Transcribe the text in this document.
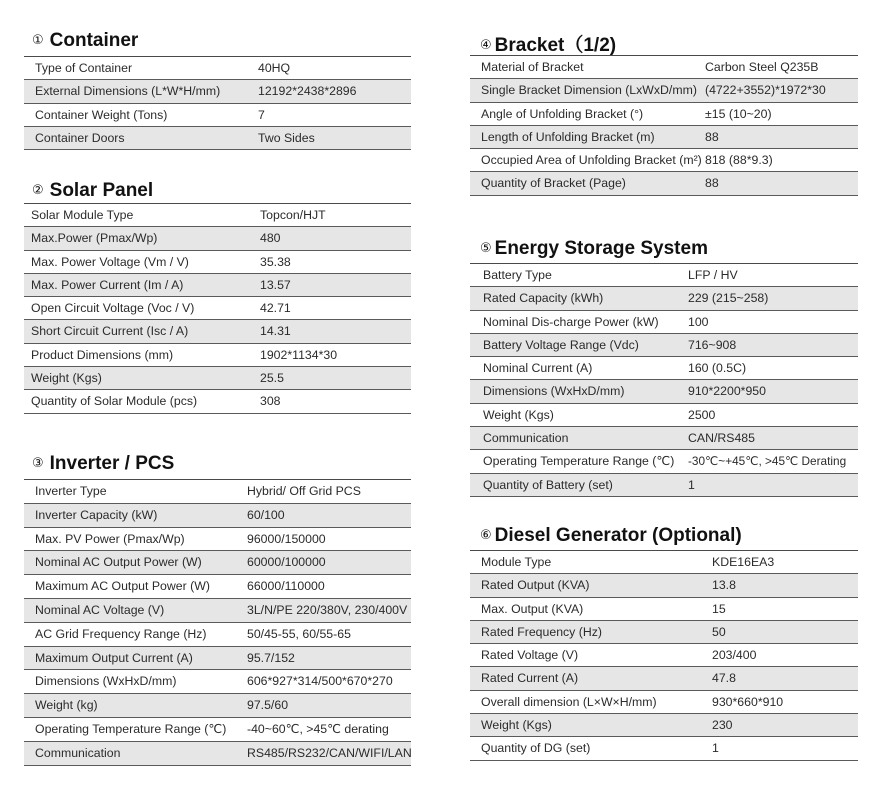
① Container
Type of Container	40HQ
External Dimensions (L*W*H/mm)	12192*2438*2896
Container Weight (Tons)	7
Container Doors	Two Sides
② Solar Panel
Solar Module Type	Topcon/HJT
Max.Power (Pmax/Wp)	480
Max. Power Voltage (Vm / V)	35.38
Max. Power Current (Im / A)	13.57
Open Circuit Voltage (Voc / V)	42.71
Short Circuit Current (Isc / A)	14.31
Product Dimensions (mm)	1902*1134*30
Weight (Kgs)	25.5
Quantity of Solar Module (pcs)	308
③ Inverter / PCS
Inverter Type	Hybrid/ Off Grid PCS
Inverter Capacity (kW)	60/100
Max. PV Power (Pmax/Wp)	96000/150000
Nominal AC Output Power (W)	60000/100000
Maximum AC Output Power (W)	66000/110000
Nominal AC Voltage (V)	3L/N/PE 220/380V, 230/400V
AC Grid Frequency Range (Hz)	50/45-55, 60/55-65
Maximum Output Current (A)	95.7/152
Dimensions (WxHxD/mm)	606*927*314/500*670*270
Weight (kg)	97.5/60
Operating Temperature Range (℃) -40~60℃, >45℃ derating
Communication	RS485/RS232/CAN/WIFI/LAN
④ Bracket（1/2)
Material of Bracket	Carbon Steel Q235B
Single Bracket Dimension (LxWxD/mm) (4722+3552)*1972*30
Angle of Unfolding Bracket (°)	±15 (10~20)
Length of Unfolding Bracket (m)	88
Occupied Area of Unfolding Bracket (m²) 818 (88*9.3)
Quantity of Bracket (Page)	88
⑤ Energy Storage System
Battery Type	LFP / HV
Rated Capacity (kWh)	229 (215~258)
Nominal Dis-charge Power (kW) 100
Battery Voltage Range (Vdc)	716~908
Nominal Current (A)	160 (0.5C)
Dimensions (WxHxD/mm)	910*2200*950
Weight (Kgs)	2500
Communication	CAN/RS485
Operating Temperature Range (℃) -30℃~+45℃, >45℃ Derating
Quantity of Battery (set)	1
⑥ Diesel Generator (Optional)
Module Type	KDE16EA3
Rated Output (KVA)	13.8
Max. Output (KVA)	15
Rated Frequency (Hz)	50
Rated Voltage (V)	203/400
Rated Current (A)	47.8
Overall dimension (L×W×H/mm)	930*660*910
Weight (Kgs)	230
Quantity of DG (set)	1
